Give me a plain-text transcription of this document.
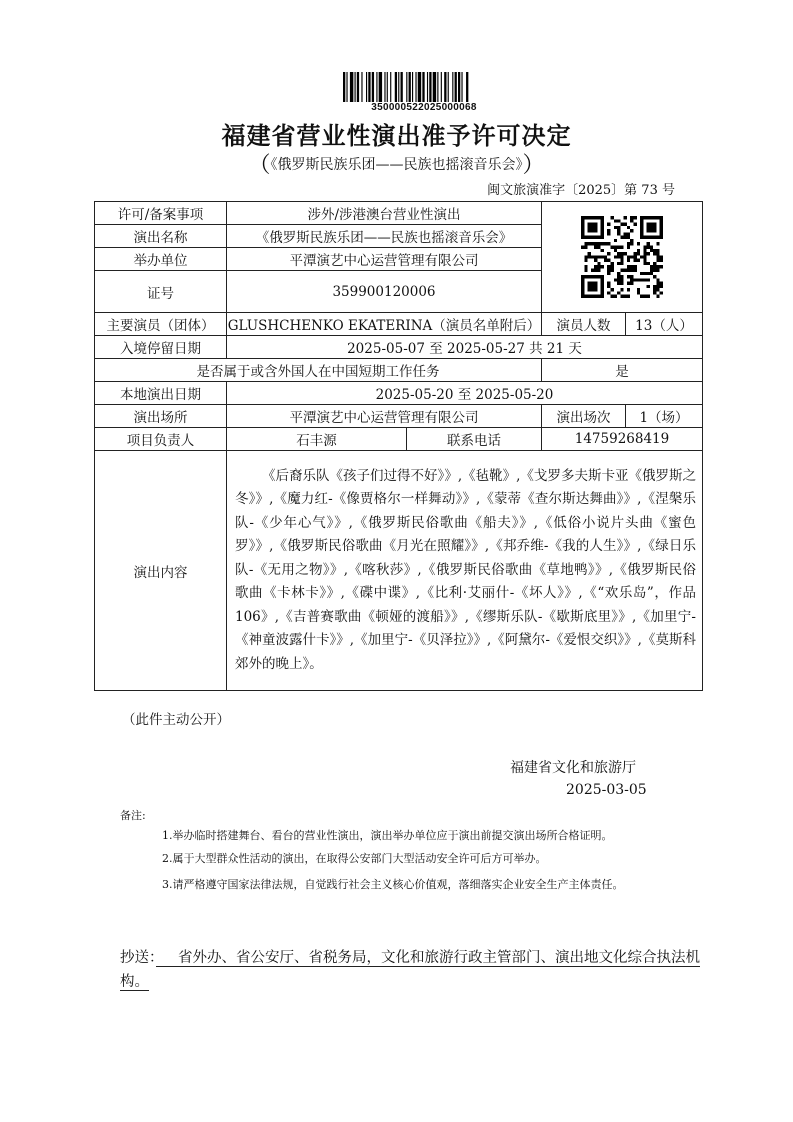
350000522025000068
福建省营业性演出准予许可决定
（《俄罗斯民族乐团——民族也摇滚音乐会》）
闽文旅演准字〔2025〕第 73 号
许可/备案事项	涉外/涉港澳台营业性演出	

演出名称	《俄罗斯民族乐团——民族也摇滚音乐会》			
举办单位	平潭演艺中心运营管理有限公司			
证号	359900120006			
主要演员（团体）	GLUSHCHENKO EKATERINA（演员名单附后）		演员人数	13（人）
入境停留日期	2025-05-07 至 2025-05-27 共 21 天			
是否属于或含外国人在中国短期工作任务			是	
本地演出日期	2025-05-20 至 2025-05-20			
演出场所	平潭演艺中心运营管理有限公司		演出场次	1（场）
项目负责人	石丰源	联系电话	14759268419	
演出内容	《后裔乐队《孩子们过得不好》》,《毡靴》,《戈罗多夫斯卡亚《俄罗斯之冬》》,《魔力红-《像贾格尔一样舞动》》,《蒙蒂《查尔斯达舞曲》》,《涅槃乐队-《少年心气》》,《俄罗斯民俗歌曲《船夫》》,《低俗小说片头曲《蜜色罗》》,《俄罗斯民俗歌曲《月光在照耀》》,《邦乔维-《我的人生》》,《绿日乐队-《无用之物》》,《喀秋莎》,《俄罗斯民俗歌曲《草地鸭》》,《俄罗斯民俗歌曲《卡林卡》》,《碟中谍》,《比利·艾丽什-《坏人》》,《“欢乐岛”，作品 106》,《吉普赛歌曲《顿娅的渡船》》,《缪斯乐队-《歇斯底里》》,《加里宁-《神童波露什卡》》,《加里宁-《贝泽拉》》,《阿黛尔-《爱恨交织》》,《莫斯科郊外的晚上》。			
（此件主动公开）
福建省文化和旅游厅
2025-03-05
备注:
1.举办临时搭建舞台、看台的营业性演出，演出举办单位应于演出前提交演出场所合格证明。
2.属于大型群众性活动的演出，在取得公安部门大型活动安全许可后方可举办。
3.请严格遵守国家法律法规，自觉践行社会主义核心价值观，落细落实企业安全生产主体责任。
抄送：　  省外办、省公安厅、省税务局，文化和旅游行政主管部门、演出地文化综合执法机构。
